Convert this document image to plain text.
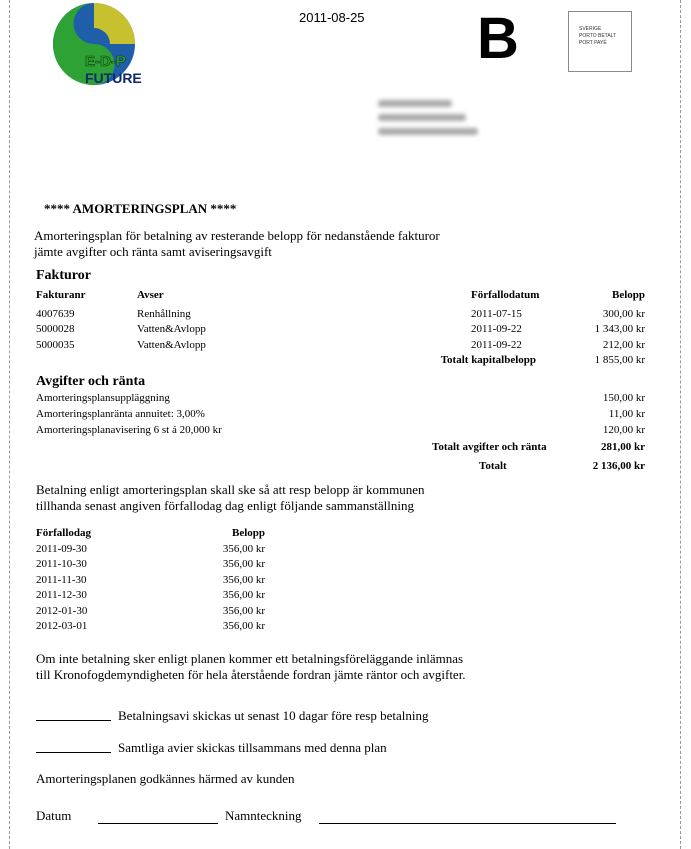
E-D-P
FUTURE
2011-08-25 B	SVERIGE
PORTO BETALT
PORT PAYÉ
**** AMORTERINGSPLAN ****
Amorteringsplan för betalning av resterande belopp för nedanstående fakturor
jämte avgifter och ränta samt aviseringsavgift
Fakturor
Fakturanr	Avser	Förfallodatum	Belopp
4007639	Renhållning	2011-07-15	300,00 kr
5000028	Vatten&Avlopp	2011-09-22	1 343,00 kr
5000035	Vatten&Avlopp	2011-09-22	212,00 kr
Totalt kapitalbelopp	1 855,00 kr
Avgifter och ränta
Amorteringsplansuppläggning	150,00 kr
Amorteringsplanränta annuitet: 3,00%	11,00 kr
Amorteringsplanavisering 6 st á 20,000 kr	120,00 kr
Totalt avgifter och ränta	281,00 kr
Totalt	2 136,00 kr
Betalning enligt amorteringsplan skall ske så att resp belopp är kommunen
tillhanda senast angiven förfallodag dag enligt följande sammanställning
Förfallodag	Belopp
2011-09-30	356,00 kr
2011-10-30	356,00 kr
2011-11-30	356,00 kr
2011-12-30	356,00 kr
2012-01-30	356,00 kr
2012-03-01	356,00 kr
Om inte betalning sker enligt planen kommer ett betalningsföreläggande inlämnas
till Kronofogdemyndigheten för hela återstående fordran jämte räntor och avgifter.
Betalningsavi skickas ut senast 10 dagar före resp betalning
Samtliga avier skickas tillsammans med denna plan
Amorteringsplanen godkännes härmed av kunden
Datum	Namnteckning
